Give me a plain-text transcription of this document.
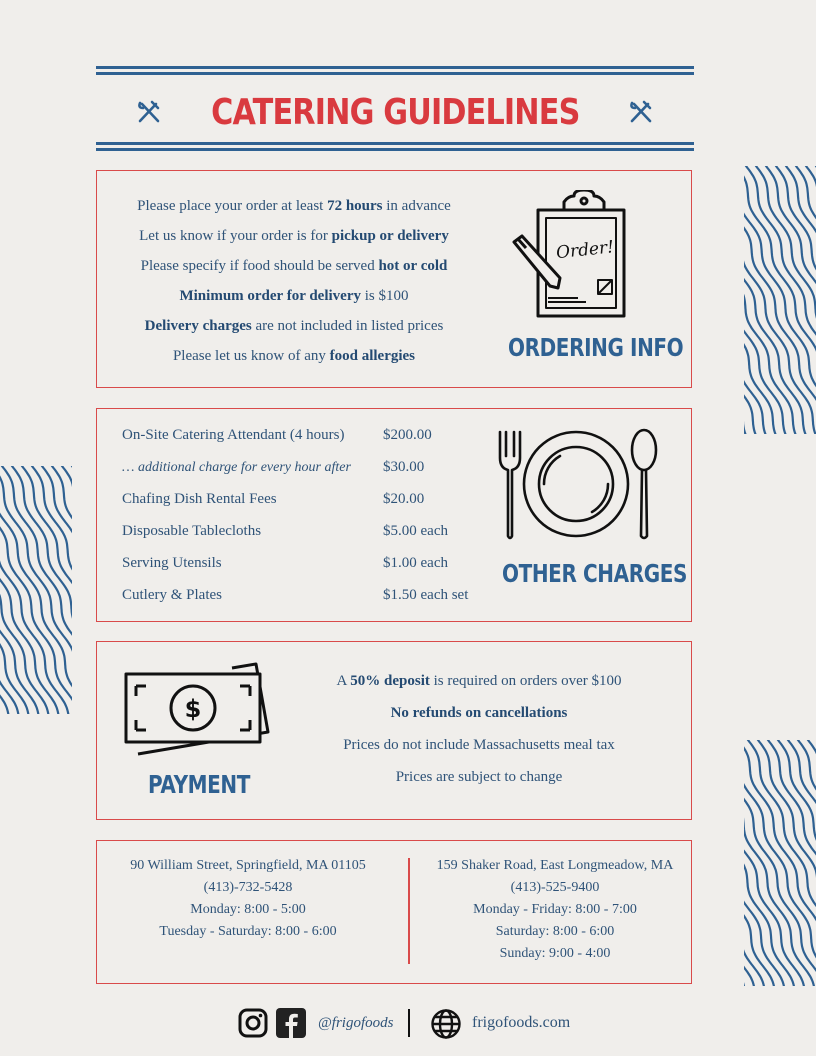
CATERING GUIDELINES
Please place your order at least 72 hours in advance
Let us know if your order is for pickup or delivery
Please specify if food should be served hot or cold
Minimum order for delivery is $100
Delivery charges are not included in listed prices
Please let us know of any food allergies
Order!
ORDERING INFO
On-Site Catering Attendant (4 hours)	$200.00
… additional charge for every hour after $30.00
Chafing Dish Rental Fees	$20.00
Disposable Tablecloths	$5.00 each
Serving Utensils	$1.00 each
Cutlery & Plates	$1.50 each set
OTHER CHARGES
$
PAYMENT
A 50% deposit is required on orders over $100
No refunds on cancellations
Prices do not include Massachusetts meal tax
Prices are subject to change
90 William Street, Springfield, MA 01105
(413)-732-5428
Monday: 8:00 - 5:00
Tuesday - Saturday: 8:00 - 6:00
159 Shaker Road, East Longmeadow, MA
(413)-525-9400
Monday - Friday: 8:00 - 7:00
Saturday: 8:00 - 6:00
Sunday: 9:00 - 4:00
@frigofoods	frigofoods.com
